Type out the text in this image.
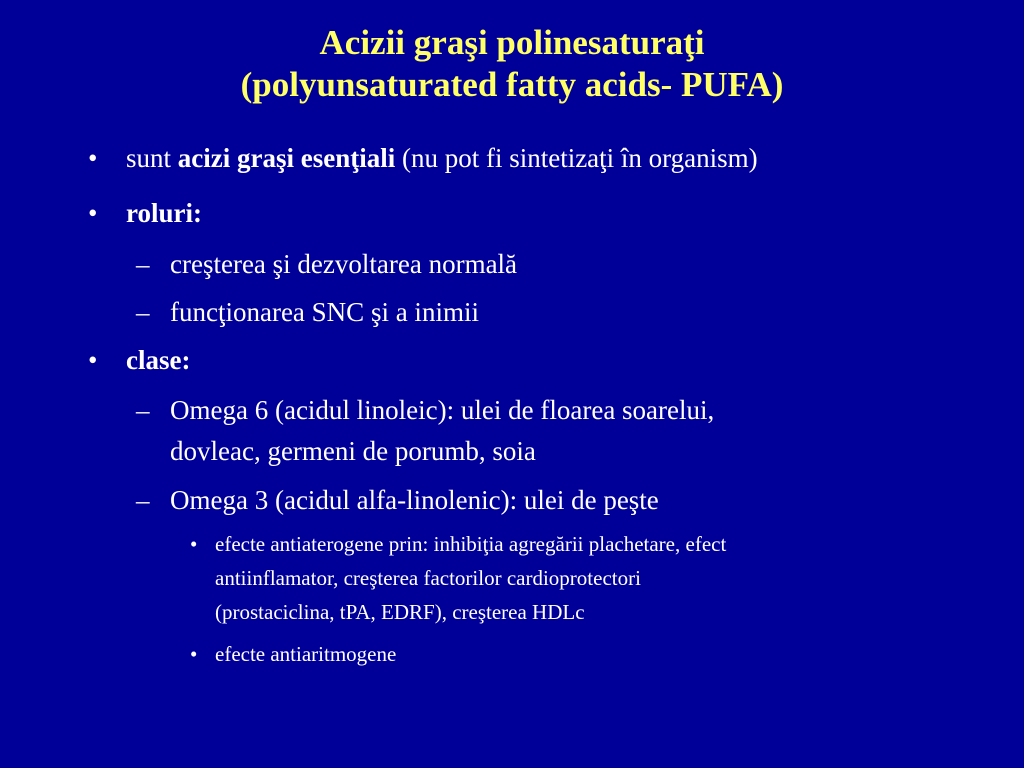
Acizii graşi polinesaturaţi
(polyunsaturated fatty acids- PUFA)
• sunt acizi graşi esenţiali (nu pot fi sintetizaţi în organism)
• roluri:
– creşterea şi dezvoltarea normală
– funcţionarea SNC şi a inimii
• clase:
– Omega 6 (acidul linoleic): ulei de floarea soarelui,
dovleac, germeni de porumb, soia
– Omega 3 (acidul alfa-linolenic): ulei de peşte
• efecte antiaterogene prin: inhibiţia agregării plachetare, efect
antiinflamator, creşterea factorilor cardioprotectori
(prostaciclina, tPA, EDRF), creşterea HDLc
• efecte antiaritmogene
